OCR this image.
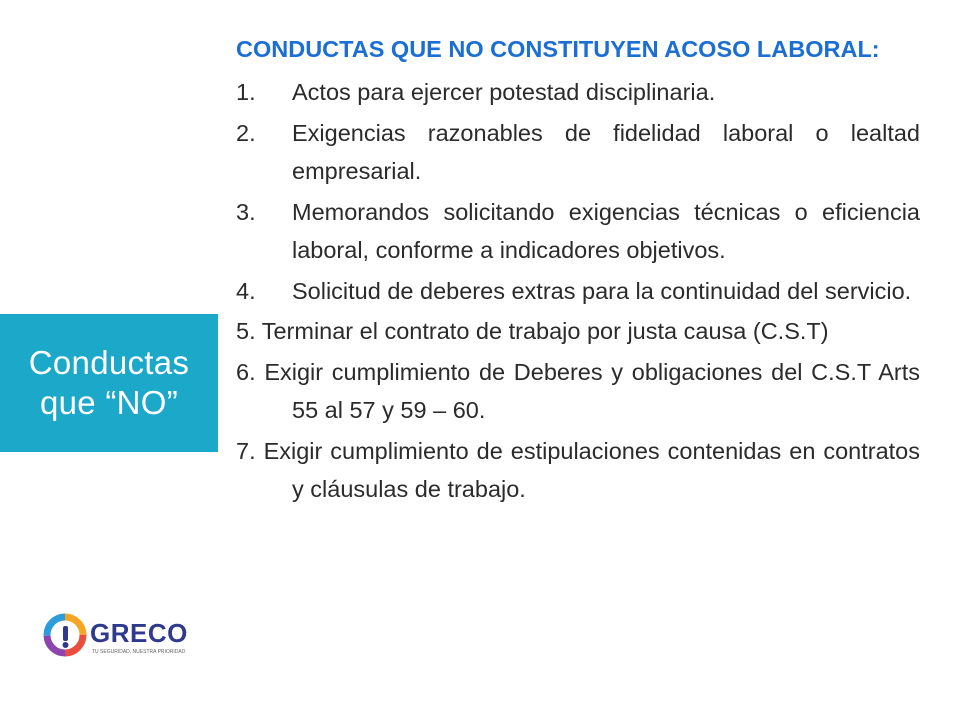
Conductas
que “NO”
CONDUCTAS QUE NO CONSTITUYEN ACOSO LABORAL:
1. Actos para ejercer potestad disciplinaria.
2. Exigencias razonables de fidelidad laboral o lealtad empresarial.
3. Memorandos solicitando exigencias técnicas o eficiencia laboral, conforme a indicadores objetivos.
4. Solicitud de deberes extras para la continuidad del servicio.
5. Terminar el contrato de trabajo por justa causa (C.S.T)
6. Exigir cumplimiento de Deberes y obligaciones del C.S.T Arts 55 al 57 y 59 – 60.
7. Exigir cumplimiento de estipulaciones contenidas en contratos y cláusulas de trabajo.
GRECO
TU SEGURIDAD, NUESTRA PRIORIDAD
